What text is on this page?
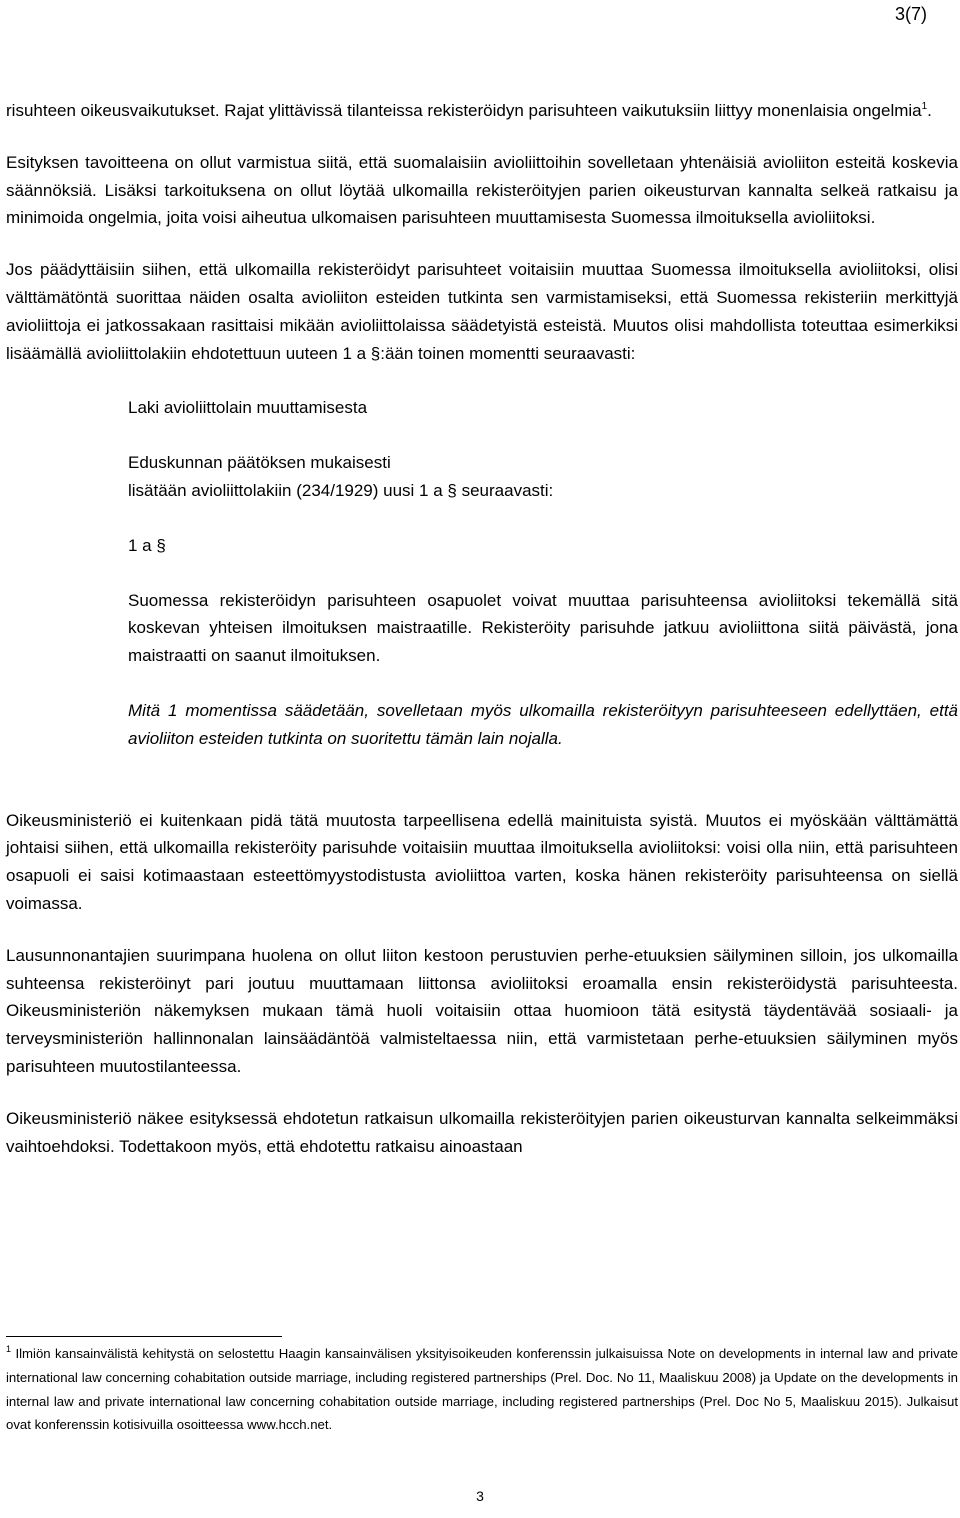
3(7)

risuhteen oikeusvaikutukset. Rajat ylittävissä tilanteissa rekisteröidyn parisuhteen vaikutuksiin liittyy monenlaisia ongelmia$^1$.

Esityksen tavoitteena on ollut varmistua siitä, että suomalaisiin avioliittoihin sovelletaan yhtenäisiä avioliiton esteitä koskevia säännöksiä. Lisäksi tarkoituksena on ollut löytää ulkomailla rekisteröityjen parien oikeusturvan kannalta selkeä ratkaisu ja minimoida ongelmia, joita voisi aiheutua ulkomaisen parisuhteen muuttamisesta Suomessa ilmoituksella avioliitoksi.

Jos päädyttäisiin siihen, että ulkomailla rekisteröidyt parisuhteet voitaisiin muuttaa Suomessa ilmoituksella avioliitoksi, olisi välttämätöntä suorittaa näiden osalta avioliiton esteiden tutkinta sen varmistamiseksi, että Suomessa rekisteriin merkittyjä avioliittoja ei jatkossakaan rasittaisi mikään avioliittolaissa säädetyistä esteistä. Muutos olisi mahdollista toteuttaa esimerkiksi lisäämällä avioliittolakiin ehdotettuun uuteen 1 a §:ään toinen momentti seuraavasti:

Laki avioliittolain muuttamisesta

Eduskunnan päätöksen mukaisesti

lisätään avioliittolakiin (234/1929) uusi 1 a § seuraavasti:

1 a §

Suomessa rekisteröidyn parisuhteen osapuolet voivat muuttaa parisuhteensa avioliitoksi tekemällä sitä koskevan yhteisen ilmoituksen maistraatille. Rekisteröity parisuhde jatkuu avioliittona siitä päivästä, jona maistraatti on saanut ilmoituksen.

Mitä 1 momentissa säädetään, sovelletaan myös ulkomailla rekisteröityyn parisuhteeseen edellyttäen, että avioliiton esteiden tutkinta on suoritettu tämän lain nojalla.

Oikeusministeriö ei kuitenkaan pidä tätä muutosta tarpeellisena edellä mainituista syistä. Muutos ei myöskään välttämättä johtaisi siihen, että ulkomailla rekisteröity parisuhde voitaisiin muuttaa ilmoituksella avioliitoksi: voisi olla niin, että parisuhteen osapuoli ei saisi kotimaastaan esteettömyystodistusta avioliittoa varten, koska hänen rekisteröity parisuhteensa on siellä voimassa.

Lausunnonantajien suurimpana huolena on ollut liiton kestoon perustuvien perhe-etuuksien säilyminen silloin, jos ulkomailla suhteensa rekisteröinyt pari joutuu muuttamaan liittonsa avioliitoksi eroamalla ensin rekisteröidystä parisuhteesta. Oikeusministeriön näkemyksen mukaan tämä huoli voitaisiin ottaa huomioon tätä esitystä täydentävää sosiaali- ja terveysministeriön hallinnonalan lainsäädäntöä valmisteltaessa niin, että varmistetaan perhe-etuuksien säilyminen myös parisuhteen muutostilanteessa.

Oikeusministeriö näkee esityksessä ehdotetun ratkaisun ulkomailla rekisteröityjen parien oikeusturvan kannalta selkeimmäksi vaihtoehdoksi. Todettakoon myös, että ehdotettu ratkaisu ainoastaan

$^1$ Ilmiön kansainvälistä kehitystä on selostettu Haagin kansainvälisen yksityisoikeuden konferenssin julkaisuissa Note on developments in internal law and private international law concerning cohabitation outside marriage, including registered partnerships (Prel. Doc. No 11, Maaliskuu 2008) ja Update on the developments in internal law and private international law concerning cohabitation outside marriage, including registered partnerships (Prel. Doc No 5, Maaliskuu 2015). Julkaisut ovat konferenssin kotisivuilla osoitteessa www.hcch.net.

3
